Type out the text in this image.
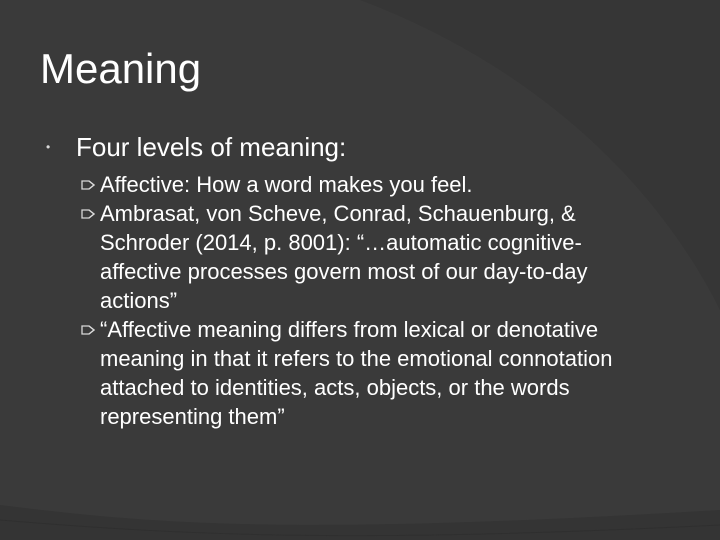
Meaning
• Four levels of meaning:
Affective: How a word makes you feel.
Ambrasat, von Scheve, Conrad, Schauenburg, & Schroder (2014, p. 8001): “…automatic cognitive-affective processes govern most of our day-to-day actions”
“Affective meaning differs from lexical or denotative meaning in that it refers to the emotional connotation attached to identities, acts, objects, or the words representing them”
